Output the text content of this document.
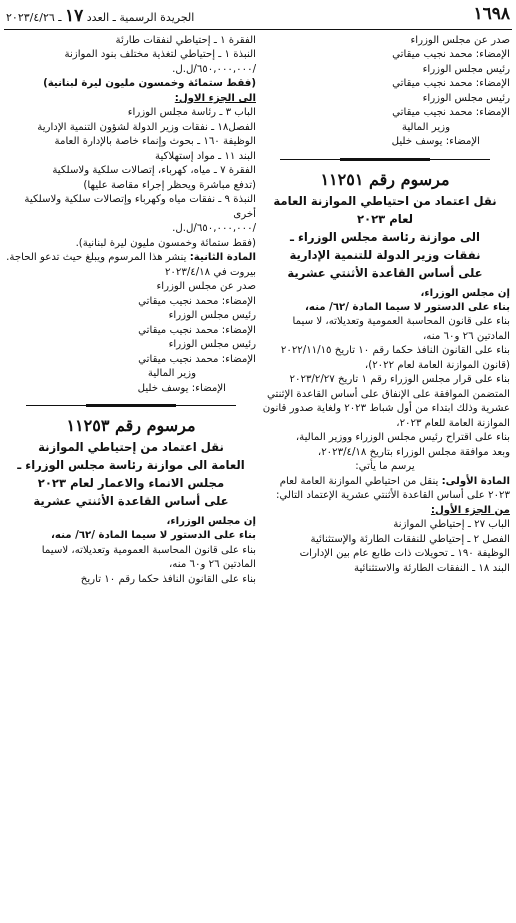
١٦٩٨
الجريدة الرسمية ـ العدد ١٧ ـ ٢٠٢٣/٤/٢٦

صدر عن مجلس الوزراء

الإمضاء: محمد نجيب ميقاتي

رئيس مجلس الوزراء

الإمضاء: محمد نجيب ميقاتي

رئيس مجلس الوزراء

الإمضاء: محمد نجيب ميقاتي

وزير المالية

الإمضاء: يوسف خليل

مرسوم رقم ١١٢٥١
نقل اعتماد من احتياطي الموازنة العامة
لعام ٢٠٢٣
الى موازنة رئاسة مجلس الوزراء ـ
نفقات وزير الدولة للتنمية الإدارية
على أساس القاعدة الأثنتي عشرية

إن مجلس الوزراء،

بناء على الدستور لا سيما المادة /٦٢/ منه،

بناء على قانون المحاسبة العمومية وتعديلاته، لا سيما المادتين ٢٦ و٦٠ منه،

بناء على القانون النافذ حكما رقم ١٠ تاريخ ٢٠٢٢/١١/١٥ (قانون الموازنة العامة لعام ٢٠٢٢)،

بناء على قرار مجلس الوزراء رقم ١ تاريخ ٢٠٢٣/٢/٢٧ المتضمن الموافقة على الإنفاق على أساس القاعدة الإثنتي عشرية وذلك ابتداء من أول شباط ٢٠٢٣ ولغاية صدور قانون الموازنة العامة للعام ٢٠٢٣،

بناء على اقتراح رئيس مجلس الوزراء ووزير المالية،

وبعد موافقة مجلس الوزراء بتاريخ ٢٠٢٣/٤/١٨،

يرسم ما يأتي:

المادة الأولى: ينقل من احتياطي الموازنة العامة لعام ٢٠٢٣ على أساس القاعدة الأثنتي عشرية الإعتماد التالي:

من الجزء الأول:

الباب ٢٧ ـ إحتياطي الموازنة

الفصل ٢ ـ إحتياطي للنفقات الطارئة والإستثنائية

الوظيفة ١٩٠ ـ تحويلات ذات طابع عام بين الإدارات

البند ١٨ ـ النفقات الطارئة والاستثنائية

الفقرة ١ ـ إحتياطي لنفقات طارئة

النبذة ١ ـ إحتياطي لتغذية مختلف بنود الموازنة

/٦٥٠,٠٠٠,٠٠٠/ل.ل.

(فقط ستمائة وخمسون مليون ليرة لبنانية)

الى الجزء الاول:

الباب ٣ ـ رئاسة مجلس الوزراء

الفصل١٨ ـ نفقات وزير الدولة لشؤون التنمية الإدارية

الوظيفة ١٦٠ ـ بحوث وإنماء خاصة بالإدارة العامة

البند ١١ ـ مواد إستهلاكية

الفقرة ٧ ـ مياه، كهرباء، إتصالات سلكية ولاسلكية

(تدفع مباشرة ويحظر إجراء مقاصة عليها)

النبذة ٩ ـ نفقات مياه وكهرباء وإتصالات سلكية ولاسلكية أخرى

/٦٥٠,٠٠٠,٠٠٠/ل.ل.

(فقط ستمائة وخمسون مليون ليرة لبنانية).

المادة الثانية: ينشر هذا المرسوم ويبلغ حيث تدعو الحاجة.

بيروت في ٢٠٢٣/٤/١٨

صدر عن مجلس الوزراء

الإمضاء: محمد نجيب ميقاتي

رئيس مجلس الوزراء

الإمضاء: محمد نجيب ميقاتي

رئيس مجلس الوزراء

الإمضاء: محمد نجيب ميقاتي

وزير المالية

الإمضاء: يوسف خليل

مرسوم رقم ١١٢٥٣
نقل اعتماد من إحتياطي الموازنة
العامة الى موازنة رئاسة مجلس الوزراء ـ
مجلس الانماء والاعمار لعام ٢٠٢٣
على أساس القاعدة الأثنتي عشرية

إن مجلس الوزراء،

بناء على الدستور لا سيما المادة /٦٢/ منه،

بناء على قانون المحاسبة العمومية وتعديلاته، لاسيما المادتين ٢٦ و٦٠ منه،

بناء على القانون النافذ حكما رقم ١٠ تاريخ
